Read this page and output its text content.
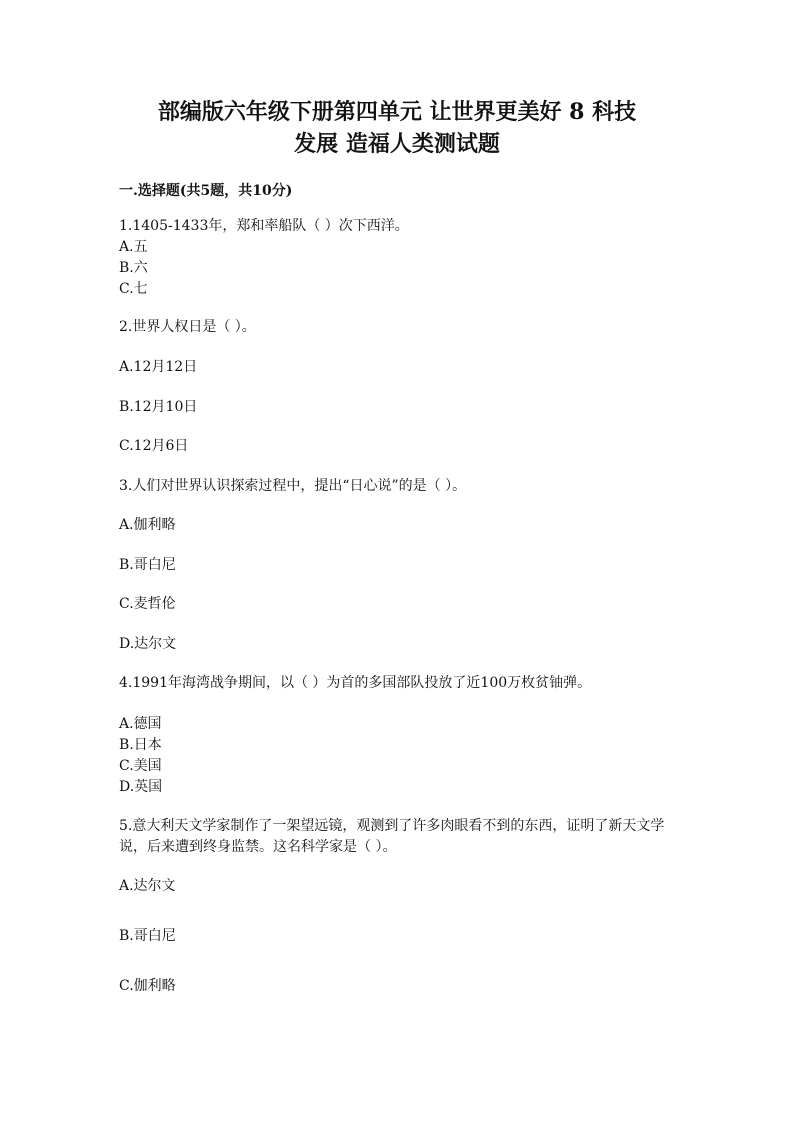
部编版六年级下册第四单元 让世界更美好 8 科技
发展 造福人类测试题
一.选择题(共5题，共10分)
1.1405-1433年，郑和率船队（ ）次下西洋。
A.五
B.六
C.七
2.世界人权日是（ ）。
A.12月12日
B.12月10日
C.12月6日
3.人们对世界认识探索过程中，提出“日心说”的是（ ）。
A.伽利略
B.哥白尼
C.麦哲伦
D.达尔文
4.1991年海湾战争期间，以（ ）为首的多国部队投放了近100万枚贫铀弹。
A.德国
B.日本
C.美国
D.英国
5.意大利天文学家制作了一架望远镜，观测到了许多肉眼看不到的东西，证明了新天文学说，后来遭到终身监禁。这名科学家是（ ）。
A.达尔文
B.哥白尼
C.伽利略
